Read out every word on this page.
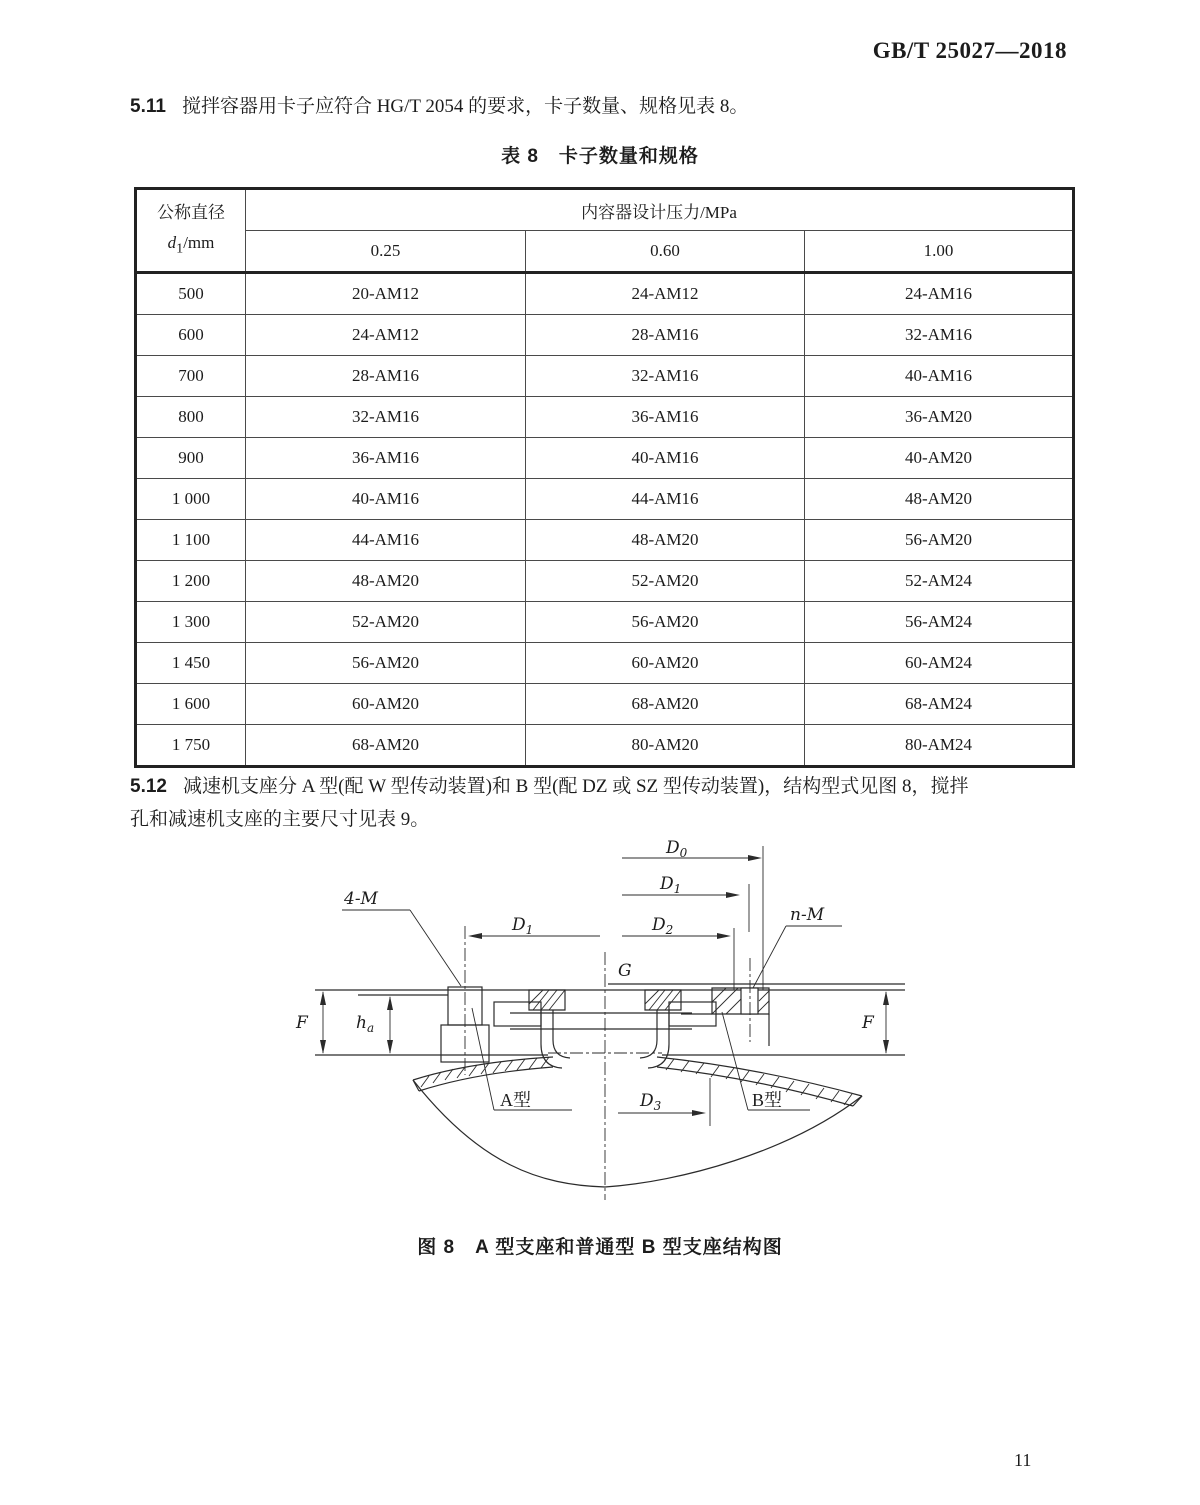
GB/T 25027—2018
5.11 搅拌容器用卡子应符合 HG/T 2054 的要求，卡子数量、规格见表 8。
表 8　卡子数量和规格
公称直径
$d_1/mm$	内容器设计压力/MPa		
	0.25	0.60	1.00
500	20-AM12	24-AM12	24-AM16
600	24-AM12	28-AM16	32-AM16
700	28-AM16	32-AM16	40-AM16
800	32-AM16	36-AM16	36-AM20
900	36-AM16	40-AM16	40-AM20
1 000	40-AM16	44-AM16	48-AM20
1 100	44-AM16	48-AM20	56-AM20
1 200	48-AM20	52-AM20	52-AM24
1 300	52-AM20	56-AM20	56-AM24
1 450	56-AM20	60-AM20	60-AM24
1 600	60-AM20	68-AM20	68-AM24
1 750	68-AM20	80-AM20	80-AM24
5.12 减速机支座分 A 型(配 W 型传动装置)和 B 型(配 DZ 或 SZ 型传动装置)，结构型式见图 8，搅拌
孔和减速机支座的主要尺寸见表 9。
$D_0$
$D_1$
$D_2$
$D_1$
$D_3$
4-M
n-M
G
F	F
$h_a$
A型	B型
图 8　A 型支座和普通型 B 型支座结构图
11
